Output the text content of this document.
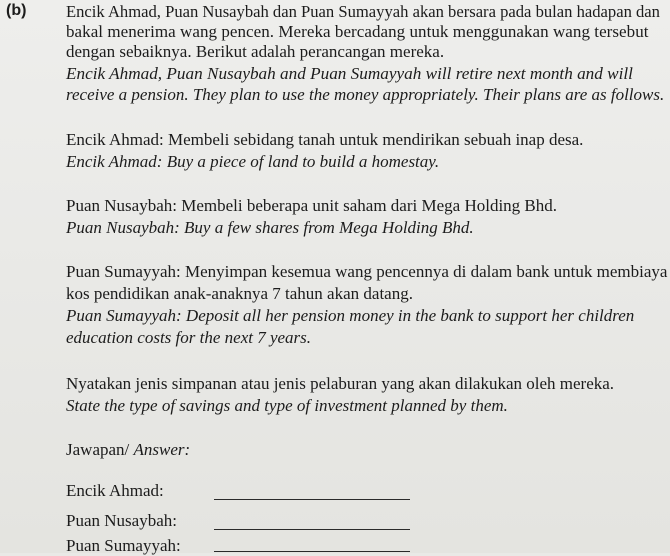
(b) Encik Ahmad, Puan Nusaybah dan Puan Sumayyah akan bersara pada bulan hadapan dan
bakal menerima wang pencen. Mereka bercadang untuk menggunakan wang tersebut
dengan sebaiknya. Berikut adalah perancangan mereka.
Encik Ahmad, Puan Nusaybah and Puan Sumayyah will retire next month and will
receive a pension. They plan to use the money appropriately. Their plans are as follows.
Encik Ahmad: Membeli sebidang tanah untuk mendirikan sebuah inap desa.
Encik Ahmad: Buy a piece of land to build a homestay.
Puan Nusaybah: Membeli beberapa unit saham dari Mega Holding Bhd.
Puan Nusaybah: Buy a few shares from Mega Holding Bhd.
Puan Sumayyah: Menyimpan kesemua wang pencennya di dalam bank untuk membiaya
kos pendidikan anak-anaknya 7 tahun akan datang.
Puan Sumayyah: Deposit all her pension money in the bank to support her children
education costs for the next 7 years.
Nyatakan jenis simpanan atau jenis pelaburan yang akan dilakukan oleh mereka.
State the type of savings and type of investment planned by them.
Jawapan/ Answer:
Encik Ahmad:
Puan Nusaybah:
Puan Sumayyah:
